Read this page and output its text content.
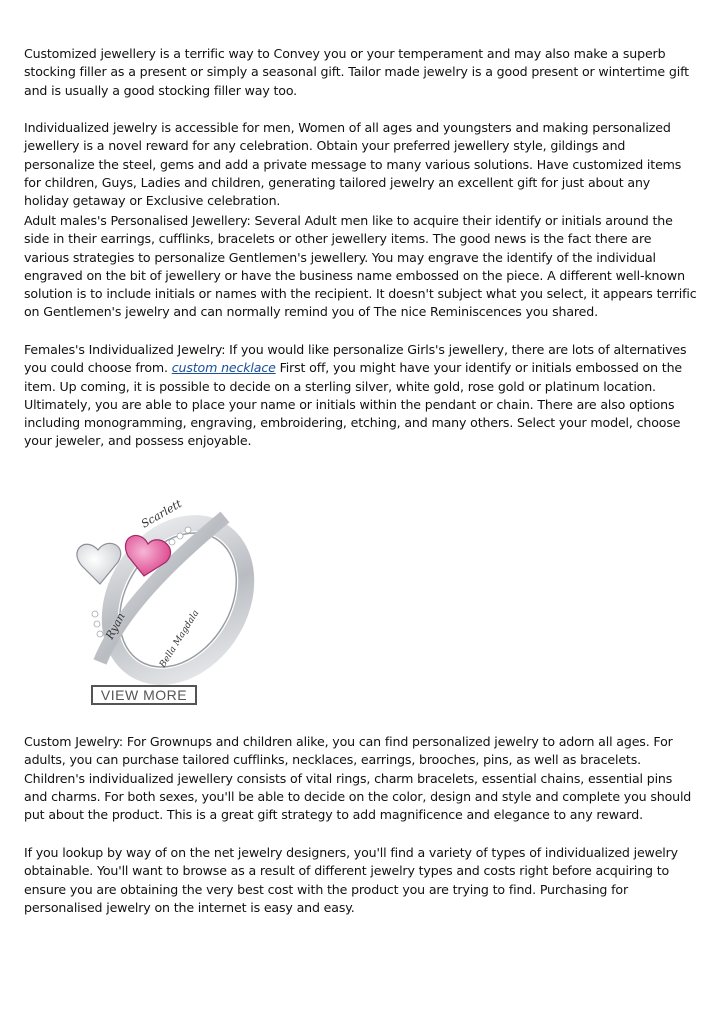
Customized jewellery is a terrific way to Convey you or your temperament and may also make a superb stocking filler as a present or simply a seasonal gift. Tailor made jewelry is a good present or wintertime gift and is usually a good stocking filler way too.

Individualized jewelry is accessible for men, Women of all ages and youngsters and making personalized jewellery is a novel reward for any celebration. Obtain your preferred jewellery style, gildings and personalize the steel, gems and add a private message to many various solutions. Have customized items for children, Guys, Ladies and children, generating tailored jewelry an excellent gift for just about any holiday getaway or Exclusive celebration.

Adult males's Personalised Jewellery: Several Adult men like to acquire their identify or initials around the side in their earrings, cufflinks, bracelets or other jewellery items. The good news is the fact there are various strategies to personalize Gentlemen's jewellery. You may engrave the identify of the individual engraved on the bit of jewellery or have the business name embossed on the piece. A different well-known solution is to include initials or names with the recipient. It doesn't subject what you select, it appears terrific on Gentlemen's jewelry and can normally remind you of The nice Reminiscences you shared.

Females's Individualized Jewelry: If you would like personalize Girls's jewellery, there are lots of alternatives you could choose from. custom necklace First off, you might have your identify or initials embossed on the item. Up coming, it is possible to decide on a sterling silver, white gold, rose gold or platinum location. Ultimately, you are able to place your name or initials within the pendant or chain. There are also options including monogramming, engraving, embroidering, etching, and many others. Select your model, choose your jeweler, and possess enjoyable.

Scarlett
Ryan	Bella Magdala
VIEW MORE

Custom Jewelry: For Grownups and children alike, you can find personalized jewelry to adorn all ages. For adults, you can purchase tailored cufflinks, necklaces, earrings, brooches, pins, as well as bracelets. Children's individualized jewellery consists of vital rings, charm bracelets, essential chains, essential pins and charms. For both sexes, you'll be able to decide on the color, design and style and complete you should put about the product. This is a great gift strategy to add magnificence and elegance to any reward.

If you lookup by way of on the net jewelry designers, you'll find a variety of types of individualized jewelry obtainable. You'll want to browse as a result of different jewelry types and costs right before acquiring to ensure you are obtaining the very best cost with the product you are trying to find. Purchasing for personalised jewelry on the internet is easy and easy.
